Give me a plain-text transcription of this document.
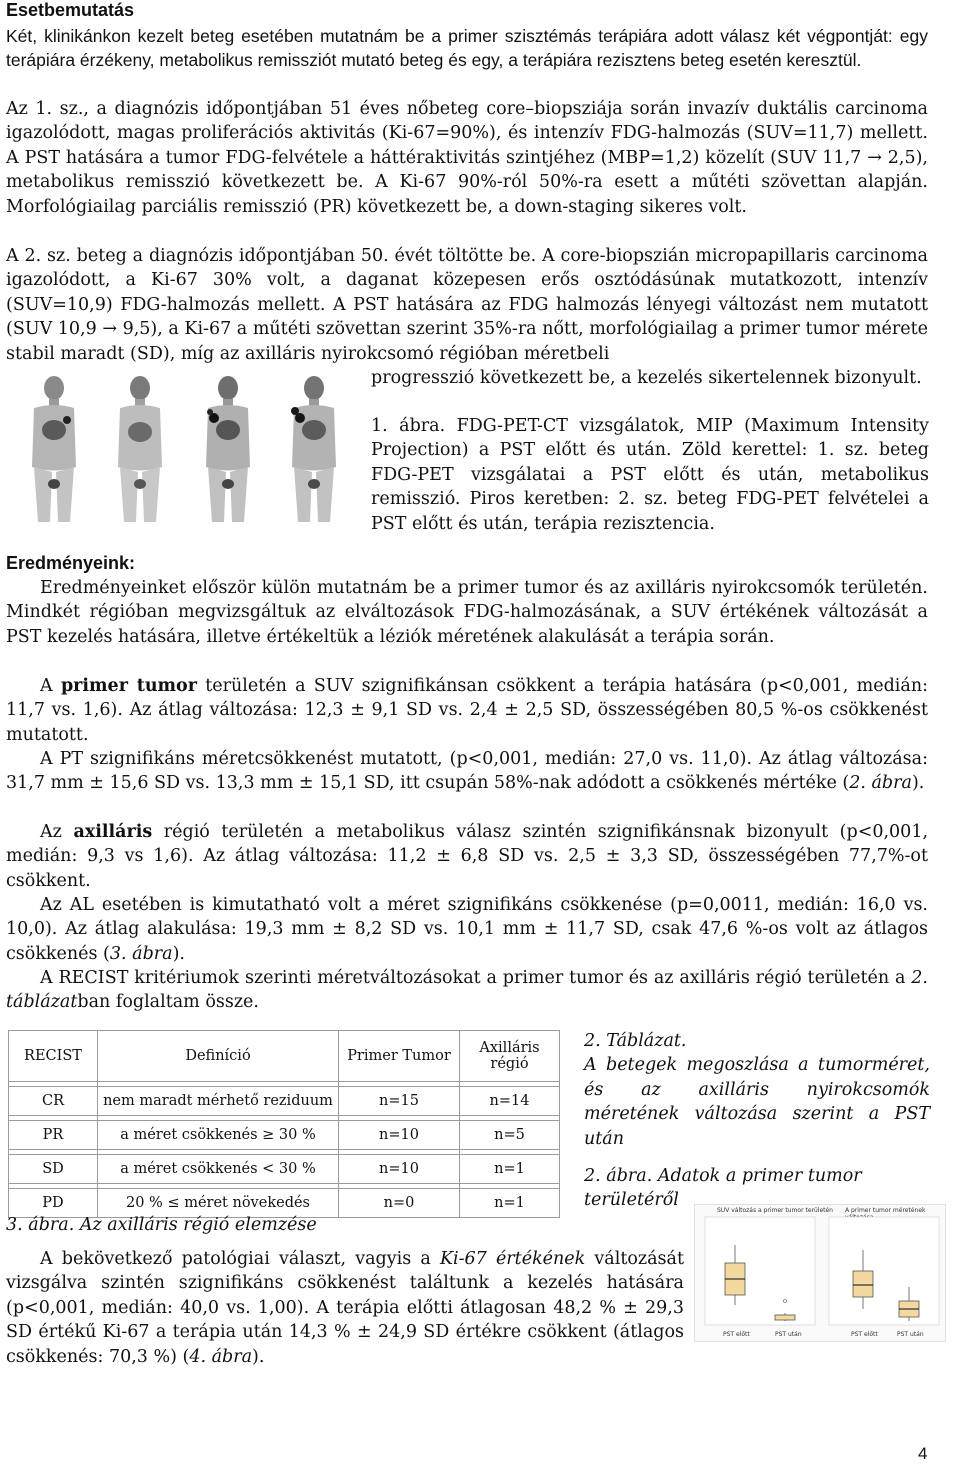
Esetbemutatás

Két, klinikánkon kezelt beteg esetében mutatnám be a primer szisztémás terápiára adott válasz két végpontját: egy terápiára érzékeny, metabolikus remissziót mutató beteg és egy, a terápiára rezisztens beteg esetén keresztül.

Az 1. sz., a diagnózis időpontjában 51 éves nőbeteg core–biopsziája során invazív duktális carcinoma igazolódott, magas proliferációs aktivitás (Ki-67=90%), és intenzív FDG-halmozás (SUV=11,7) mellett. A PST hatására a tumor FDG-felvétele a háttéraktivitás szintjéhez (MBP=1,2) közelít (SUV 11,7 → 2,5), metabolikus remisszió következett be. A Ki-67 90%-ról 50%-ra esett a műtéti szövettan alapján. Morfológiailag parciális remisszió (PR) következett be, a down-staging sikeres volt.

A 2. sz. beteg a diagnózis időpontjában 50. évét töltötte be. A core-biopszián micropapillaris carcinoma igazolódott, a Ki-67 30% volt, a daganat közepesen erős osztódásúnak mutatkozott, intenzív (SUV=10,9) FDG-halmozás mellett. A PST hatására az FDG halmozás lényegi változást nem mutatott (SUV 10,9 → 9,5), a Ki-67 a műtéti szövettan szerint 35%-ra nőtt, morfológiailag a primer tumor mérete stabil maradt (SD), míg az axilláris nyirokcsomó régióban méretbeli

progresszió következett be, a kezelés sikertelennek bizonyult.

1. ábra. FDG-PET-CT vizsgálatok, MIP (Maximum Intensity Projection) a PST előtt és után. Zöld kerettel: 1. sz. beteg FDG-PET vizsgálatai a PST előtt és után, metabolikus remisszió. Piros keretben: 2. sz. beteg FDG-PET felvételei a PST előtt és után, terápia rezisztencia.

Eredményeink:

Eredményeinket először külön mutatnám be a primer tumor és az axilláris nyirokcsomók területén. Mindkét régióban megvizsgáltuk az elváltozások FDG-halmozásának, a SUV értékének változását a PST kezelés hatására, illetve értékeltük a léziók méretének alakulását a terápia során.

A primer tumor területén a SUV szignifikánsan csökkent a terápia hatására (p<0,001, medián: 11,7 vs. 1,6). Az átlag változása: 12,3 ± 9,1 SD vs. 2,4 ± 2,5 SD, összességében 80,5 %-os csökkenést mutatott.

A PT szignifikáns méretcsökkenést mutatott, (p<0,001, medián: 27,0 vs. 11,0). Az átlag változása: 31,7 mm ± 15,6 SD vs. 13,3 mm ± 15,1 SD, itt csupán 58%-nak adódott a csökkenés mértéke (2. ábra).

Az axilláris régió területén a metabolikus válasz szintén szignifikánsnak bizonyult (p<0,001, medián: 9,3 vs 1,6). Az átlag változása: 11,2 ± 6,8 SD vs. 2,5 ± 3,3 SD, összességében 77,7%-ot csökkent.

Az AL esetében is kimutatható volt a méret szignifikáns csökkenése (p=0,0011, medián: 16,0 vs. 10,0). Az átlag alakulása: 19,3 mm ± 8,2 SD vs. 10,1 mm ± 11,7 SD, csak 47,6 %-os volt az átlagos csökkenés (3. ábra).

A RECIST kritériumok szerinti méretváltozásokat a primer tumor és az axilláris régió területén a 2. táblázatban foglaltam össze.

RECIST	Definíció	Primer Tumor	Axilláris régió

CR	nem maradt mérhető reziduum	n=15	n=14

PR	a méret csökkenés ≥ 30 %	n=10	n=5

SD	a méret csökkenés < 30 %	n=10	n=1

PD	20 % ≤ méret növekedés	n=0	n=1
2. Táblázat.
A betegek megoszlása a tumorméret, és az axilláris nyirokcsomók méretének változása szerint a PST után
2. ábra. Adatok a primer tumor területéről
3. ábra. Az axilláris régió elemzése
SUV változás a primer tumor területén A primer tumor méretének
PST előtt	PST után	PST előtt	PST után

A bekövetkező patológiai választ, vagyis a Ki-67 értékének változását vizsgálva szintén szignifikáns csökkenést találtunk a kezelés hatására (p<0,001, medián: 40,0 vs. 1,00). A terápia előtti átlagosan 48,2 % ± 29,3 SD értékű Ki-67 a terápia után 14,3 % ± 24,9 SD értékre csökkent (átlagos csökkenés: 70,3 %) (4. ábra).

4
